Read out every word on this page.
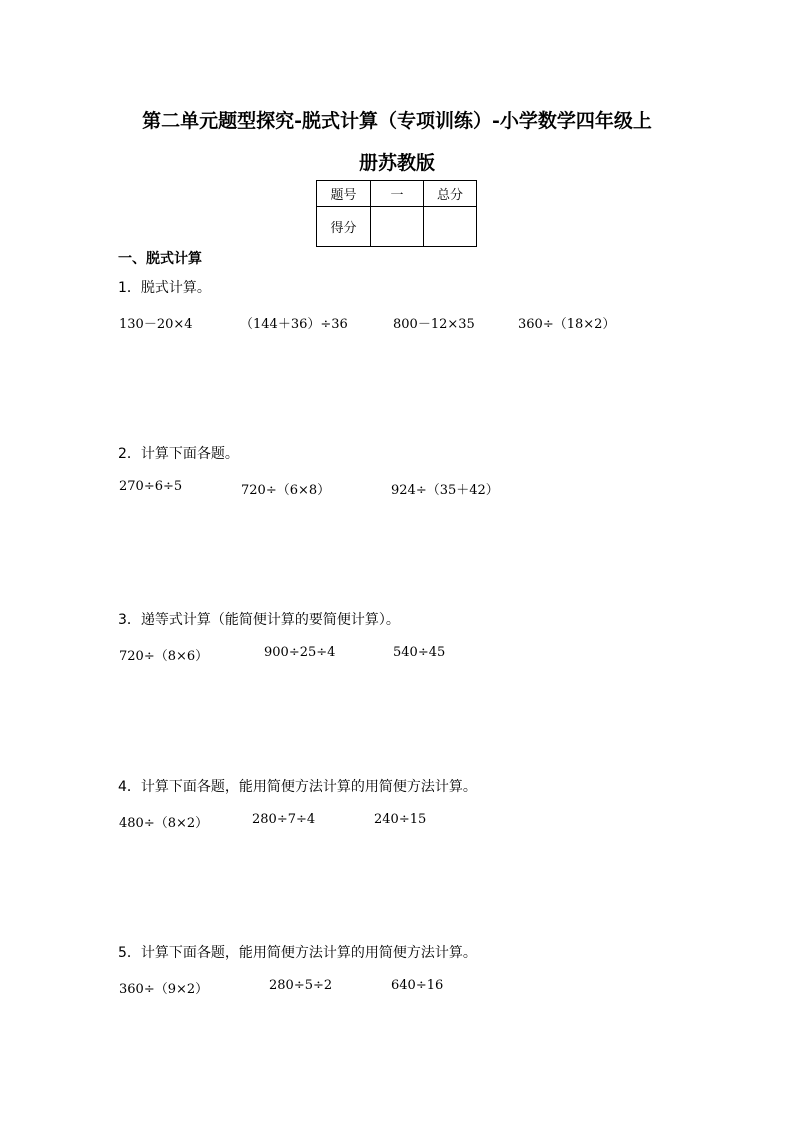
第二单元题型探究-脱式计算（专项训练）-小学数学四年级上
册苏教版
题号	一	总分
得分		
一、脱式计算
1．脱式计算。
130－20×4	（144＋36）÷36	800－12×35	360÷（18×2）
2．计算下面各题。
270÷6÷5	720÷（6×8）	924÷（35＋42）
3．递等式计算（能简便计算的要简便计算）。
720÷（8×6）	900÷25÷4	540÷45
4．计算下面各题，能用简便方法计算的用简便方法计算。
480÷（8×2）	280÷7÷4	240÷15
5．计算下面各题，能用简便方法计算的用简便方法计算。
360÷（9×2）	280÷5÷2	640÷16
